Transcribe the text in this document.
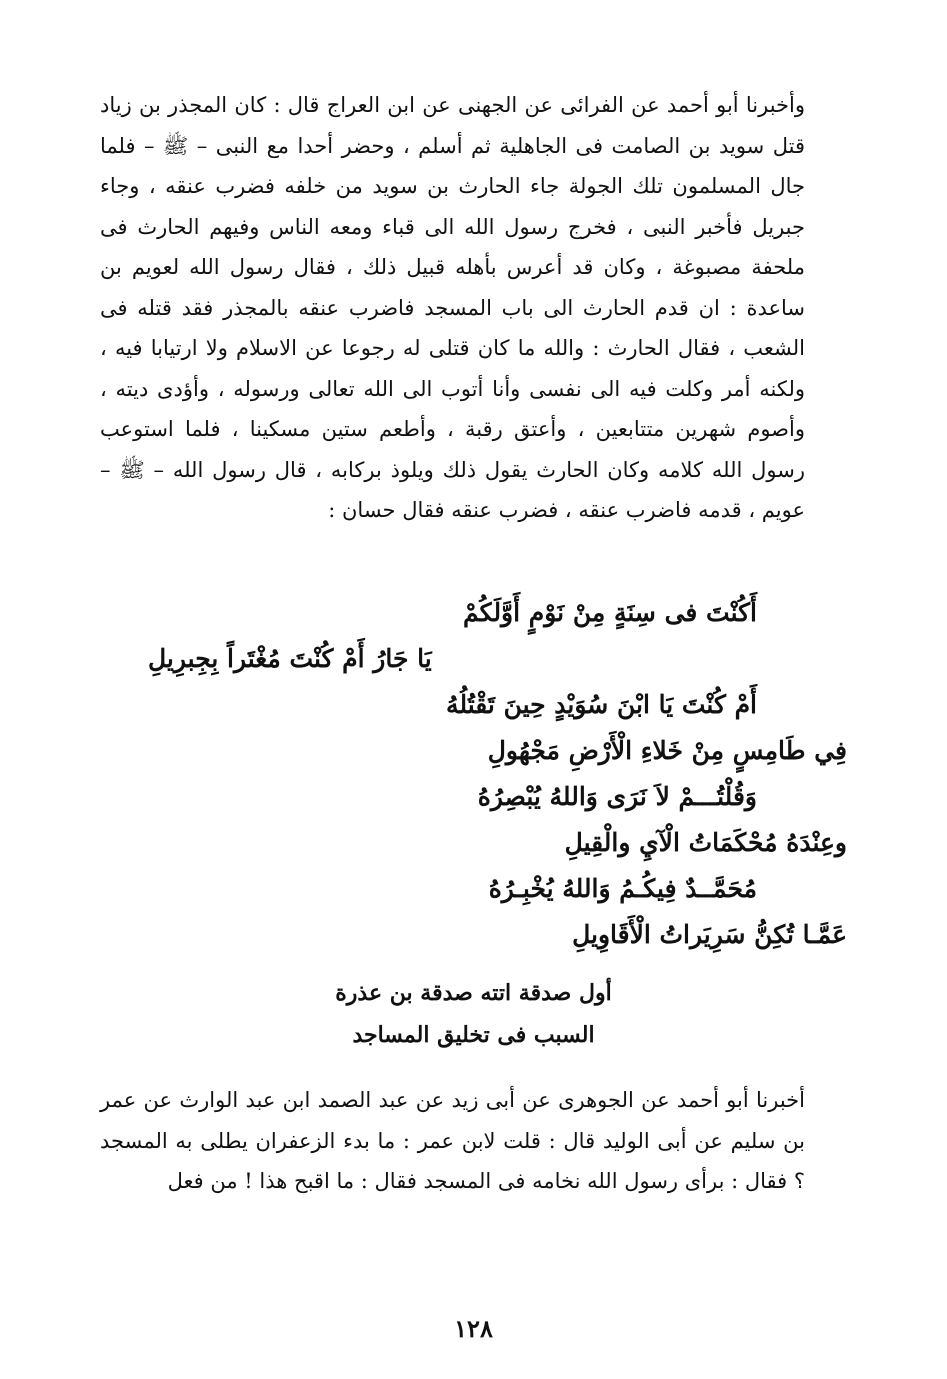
وأخبرنا أبو أحمد عن الفرائى عن الجهنى عن ابن العراج قال : كان المجذر بن زياد قتل سويد بن الصامت فى الجاهلية ثم أسلم ، وحضر أحدا مع النبى – ﷺ – فلما جال المسلمون تلك الجولة جاء الحارث بن سويد من خلفه فضرب عنقه ، وجاء جبريل فأخبر النبى ، فخرج رسول الله الى قباء ومعه الناس وفيهم الحارث فى ملحفة مصبوغة ، وكان قد أعرس بأهله قبيل ذلك ، فقال رسول الله لعويم بن ساعدة : ان قدم الحارث الى باب المسجد فاضرب عنقه بالمجذر فقد قتله فى الشعب ، فقال الحارث : والله ما كان قتلى له رجوعا عن الاسلام ولا ارتيابا فيه ، ولكنه أمر وكلت فيه الى نفسى وأنا أتوب الى الله تعالى ورسوله ، وأؤدى ديته ، وأصوم شهرين متتابعين ، وأعتق رقبة ، وأطعم ستين مسكينا ، فلما استوعب رسول الله كلامه وكان الحارث يقول ذلك ويلوذ بركابه ، قال رسول الله – ﷺ – عويم ، قدمه فاضرب عنقه ، فضرب عنقه فقال حسان :

أَكُنْتَ فى سِنَةٍ مِنْ نَوْمٍ أَوَّلَكُمْ
يَا جَارُ أَمْ كُنْتَ مُغْتَراً بِجِبرِيلِ
أَمْ كُنْتَ يَا ابْنَ سُوَيْدٍ حِينَ تَقْتُلُهُ
فِي طَامِسٍ مِنْ خَلاءِ الْأَرْضِ مَجْهُولِ
وَقُلْتُـــمْ لاَ نَرَى وَاللهُ يُبْصِرُهُ
وعِنْدَهُ مُحْكَمَاتُ الْآيِ والْقِيلِ
مُحَمَّــدٌ فِيكُـمُ وَاللهُ يُخْبِـرُهُ
عَمَّـا تُكِنُّ سَرِيَراتُ الْأَقَاوِيلِ
أول صدقة اتته صدقة بن عذرة
السبب فى تخليق المساجد

أخبرنا أبو أحمد عن الجوهرى عن أبى زيد عن عبد الصمد ابن عبد الوارث عن عمر بن سليم عن أبى الوليد قال : قلت لابن عمر : ما بدء الزعفران يطلى به المسجد ؟ فقال : برأى رسول الله نخامه فى المسجد فقال : ما اقبح هذا ! من فعل

١٢٨
